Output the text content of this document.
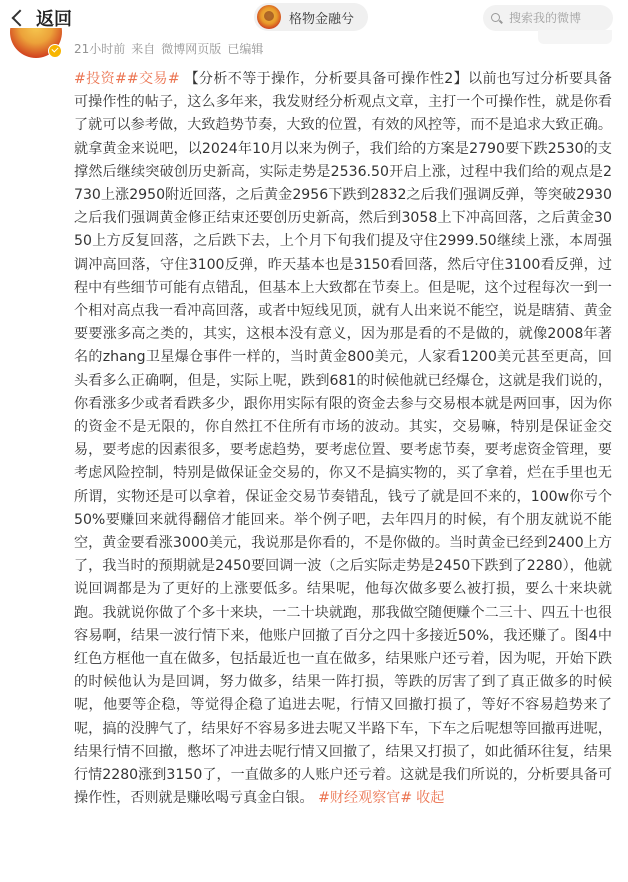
返回	格物金融兮
搜索我的微博
21小时前 来自 微博网页版 已编辑
#投资##交易# 【分析不等于操作，分析要具备可操作性2】以前也写过分析要具备可操作性的帖子，这么多年来，我发财经分析观点文章，主打一个可操作性，就是你看了就可以参考做，大致趋势节奏，大致的位置，有效的风控等，而不是追求大致正确。就拿黄金来说吧，以2024年10月以来为例子，我们给的方案是2790要下跌2530的支撑然后继续突破创历史新高，实际走势是2536.50开启上涨，过程中我们给的观点是2730上涨2950附近回落，之后黄金2956下跌到2832之后我们强调反弹，等突破2930之后我们强调黄金修正结束还要创历史新高，然后到3058上下冲高回落，之后黄金3050上方反复回落，之后跌下去，上个月下旬我们提及守住2999.50继续上涨，本周强调冲高回落，守住3100反弹，昨天基本也是3150看回落，然后守住3100看反弹，过程中有些细节可能有点错乱，但基本上大致都在节奏上。但是呢，这个过程每次一到一个相对高点我一看冲高回落，或者中短线见顶，就有人出来说不能空，说是瞎猜、黄金要要涨多高之类的，其实，这根本没有意义，因为那是看的不是做的，就像2008年著名的zhang卫星爆仓事件一样的，当时黄金800美元，人家看1200美元甚至更高，回头看多么正确啊，但是，实际上呢，跌到681的时候他就已经爆仓，这就是我们说的，你看涨多少或者看跌多少，跟你用实际有限的资金去参与交易根本就是两回事，因为你的资金不是无限的，你自然扛不住所有市场的波动。其实，交易嘛，特别是保证金交易，要考虑的因素很多，要考虑趋势，要考虑位置、要考虑节奏，要考虑资金管理，要考虑风险控制，特别是做保证金交易的，你又不是搞实物的，买了拿着，烂在手里也无所谓，实物还是可以拿着，保证金交易节奏错乱，钱亏了就是回不来的，100w你亏个50%要赚回来就得翻倍才能回来。举个例子吧，去年四月的时候，有个朋友就说不能空，黄金要看涨3000美元，我说那是你看的，不是你做的。当时黄金已经到2400上方了，我当时的预期就是2450要回调一波（之后实际走势是2450下跌到了2280），他就说回调都是为了更好的上涨要低多。结果呢，他每次做多要么被打损，要么十来块就跑。我就说你做了个多十来块，一二十块就跑，那我做空随便赚个二三十、四五十也很容易啊，结果一波行情下来，他账户回撤了百分之四十多接近50%，我还赚了。图4中红色方框他一直在做多，包括最近也一直在做多，结果账户还亏着，因为呢，开始下跌的时候他认为是回调，努力做多，结果一阵打损，等跌的厉害了到了真正做多的时候呢，他要等企稳，等觉得企稳了追进去呢，行情又回撤打损了，等好不容易趋势来了呢，搞的没脾气了，结果好不容易多进去呢又半路下车，下车之后呢想等回撤再进呢，结果行情不回撤，憋坏了冲进去呢行情又回撤了，结果又打损了，如此循环往复，结果行情2280涨到3150了，一直做多的人账户还亏着。这就是我们所说的，分析要具备可操作性，否则就是赚吆喝亏真金白银。 #财经观察官# 收起
